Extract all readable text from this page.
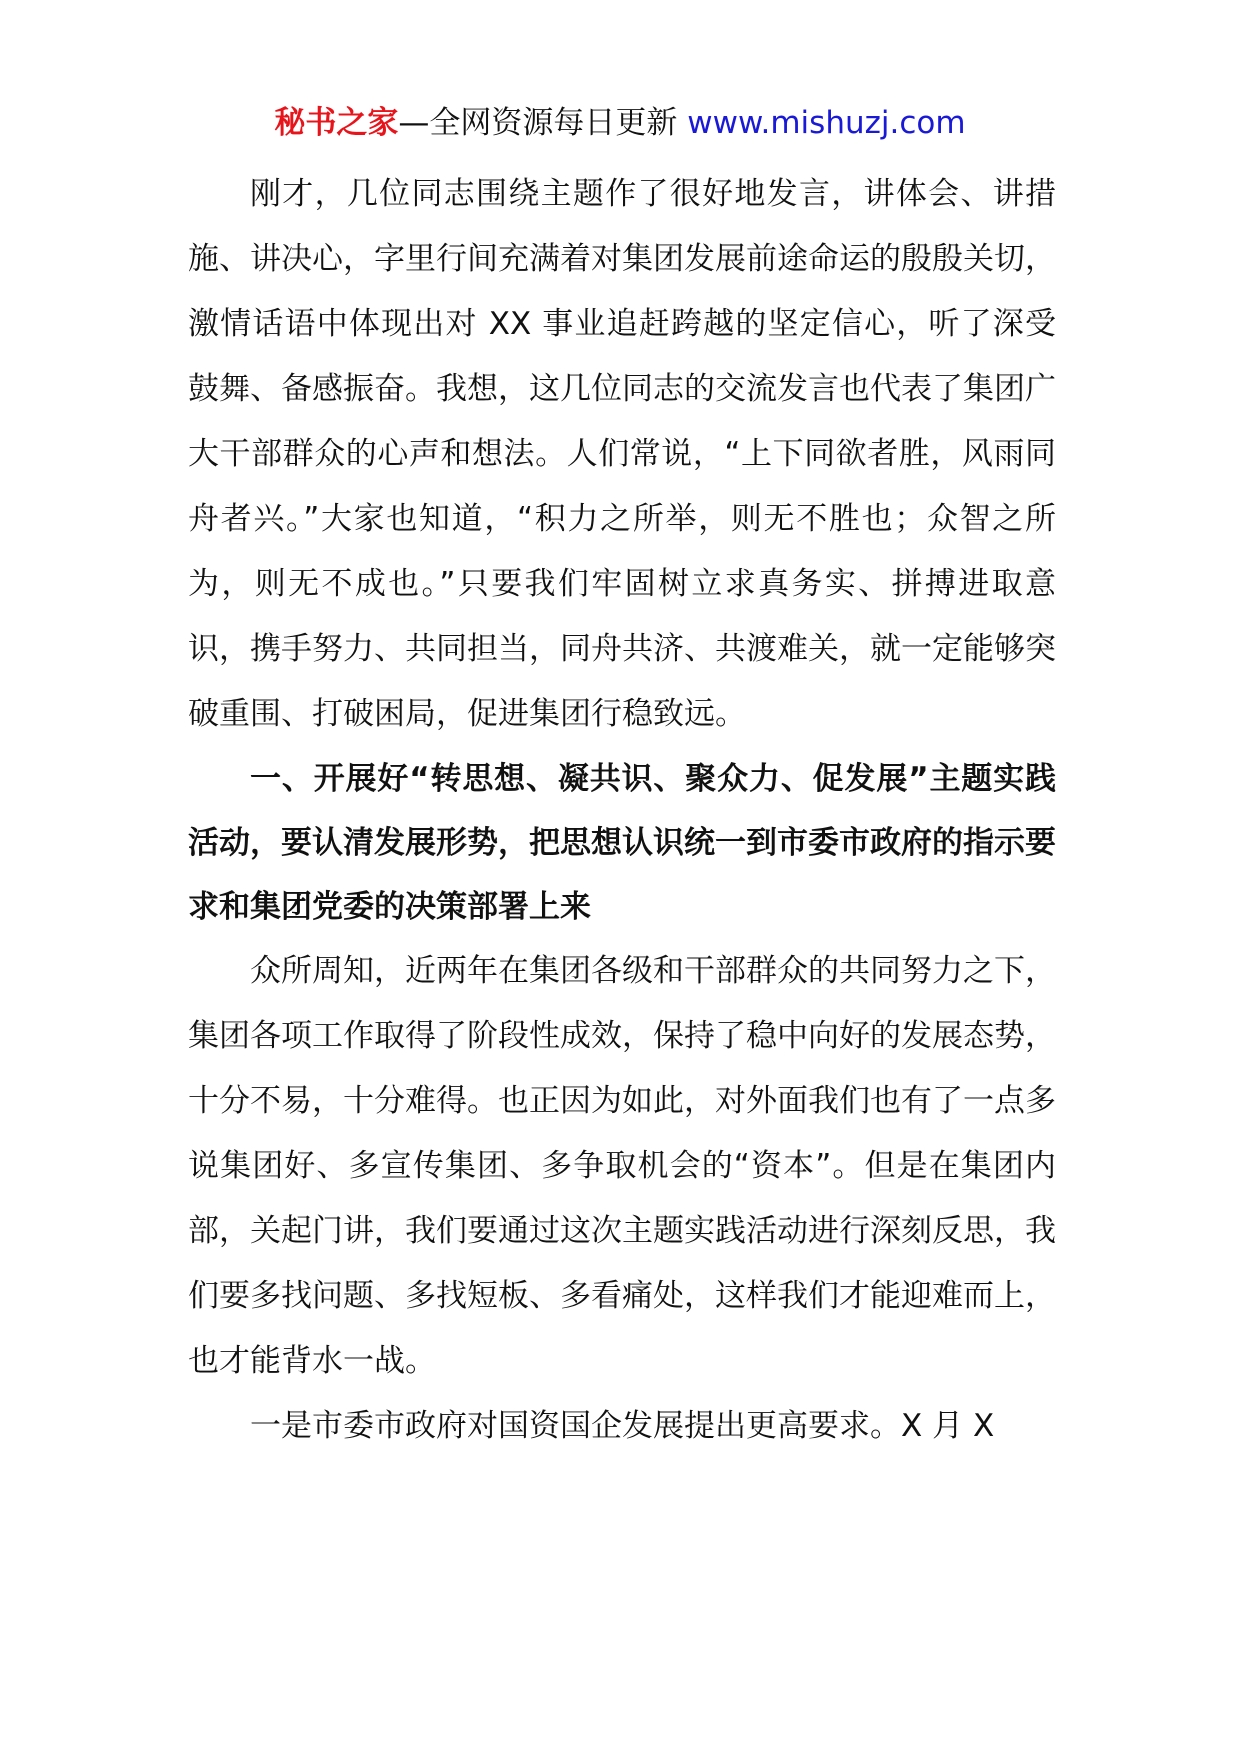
秘书之家—全网资源每日更新 www.mishuzj.com

刚才，几位同志围绕主题作了很好地发言，讲体会、讲措施、讲决心，字里行间充满着对集团发展前途命运的殷殷关切，激情话语中体现出对 XX 事业追赶跨越的坚定信心，听了深受鼓舞、备感振奋。我想，这几位同志的交流发言也代表了集团广大干部群众的心声和想法。人们常说，“上下同欲者胜，风雨同舟者兴。”大家也知道，“积力之所举，则无不胜也；众智之所为，则无不成也。”只要我们牢固树立求真务实、拼搏进取意识，携手努力、共同担当，同舟共济、共渡难关，就一定能够突破重围、打破困局，促进集团行稳致远。

一、开展好“转思想、凝共识、聚众力、促发展”主题实践活动，要认清发展形势，把思想认识统一到市委市政府的指示要求和集团党委的决策部署上来

众所周知，近两年在集团各级和干部群众的共同努力之下，集团各项工作取得了阶段性成效，保持了稳中向好的发展态势，十分不易，十分难得。也正因为如此，对外面我们也有了一点多说集团好、多宣传集团、多争取机会的“资本”。但是在集团内部，关起门讲，我们要通过这次主题实践活动进行深刻反思，我们要多找问题、多找短板、多看痛处，这样我们才能迎难而上，也才能背水一战。

一是市委市政府对国资国企发展提出更高要求。X 月 X
